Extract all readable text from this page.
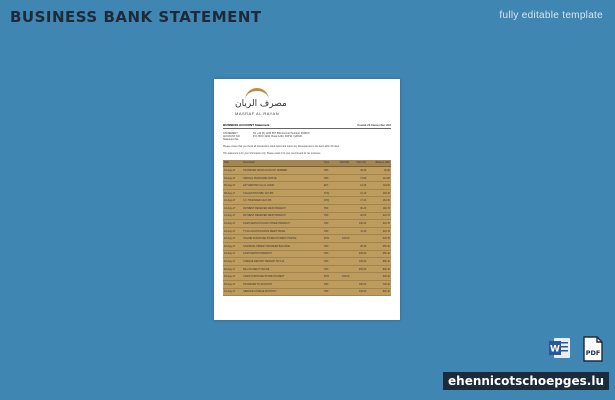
BUSINESS BANK STATEMENT	fully editable template
مصرف الريان
MASRAF AL RAYAN
BUSINESS ACCOUNT Statement	Kuwait 21 December 202
STATEMENT
ACCOUNT NO
Statement No
Tel +44 (0) 1234 567 890 Account Number 2045XX
P.O. BOX 1234, Road 1234, DOHA, QATAR
Please ensure that you check all transactions listed below and report any discrepancies to the bank within 30 days.
This statement is for your information only. Please retain it for your records and for tax purposes.
Date	Description	Type	Paid (Dr)	Paid (Cr)	Balance (CR)
01-Aug-17	TRANSFER FROM ACCOUNT NUMBER	TRF		40.00	40.00
03-Aug-17	SPECIAL PURCHASE OFFICE	TRF		71.80	111.80
05-Aug-17	EFT DEPOSIT ALI AL JASIM	EFT		12.20	124.00
08-Aug-17	COLLECTION NBK 123 456	CHQ		21.10	145.10
10-Aug-17	C.C TRANSFER 0123 456	CHQ		17.20	162.30
12-Aug-17	PAYMENT RECEIVED WEST BRANCH	TRF		30.40	192.70
14-Aug-17	PAYMENT RECEIVED WEST BRANCH	TRF		20.00	212.70
16-Aug-17	CASH DEPOSIT DAVID STREET BRANCH	TRF		100.00	312.70
18-Aug-17	TT ALLOCATION FROM REMITTANCE	TRF		11.00	323.70
20-Aug-17	ONLINE PURCHASE STORE PAYMENT PORTAL	POS	100.00		223.70
22-Aug-17	STANDING ORDER TRANSFER BALANCE	TRF		28.40	252.10
24-Aug-17	CASH DEPOSIT BRANCH	TRF		200.00	452.10
26-Aug-17	CHEQUE DEPOSIT BRANCH NO 123	TRF		100.00	552.10
28-Aug-17	BILL PAYMENT ONLINE	TRF		250.00	802.10
29-Aug-17	CARD PURCHASE STORE PAYMENT	POS	200.00		602.10
30-Aug-17	TRANSFER TO ACCOUNT	TRF		100.00	702.10
31-Aug-17	SERVICE CHARGE MONTHLY	TRF		100.00	802.10
W	PDF
ehennicotschoepges.lu
